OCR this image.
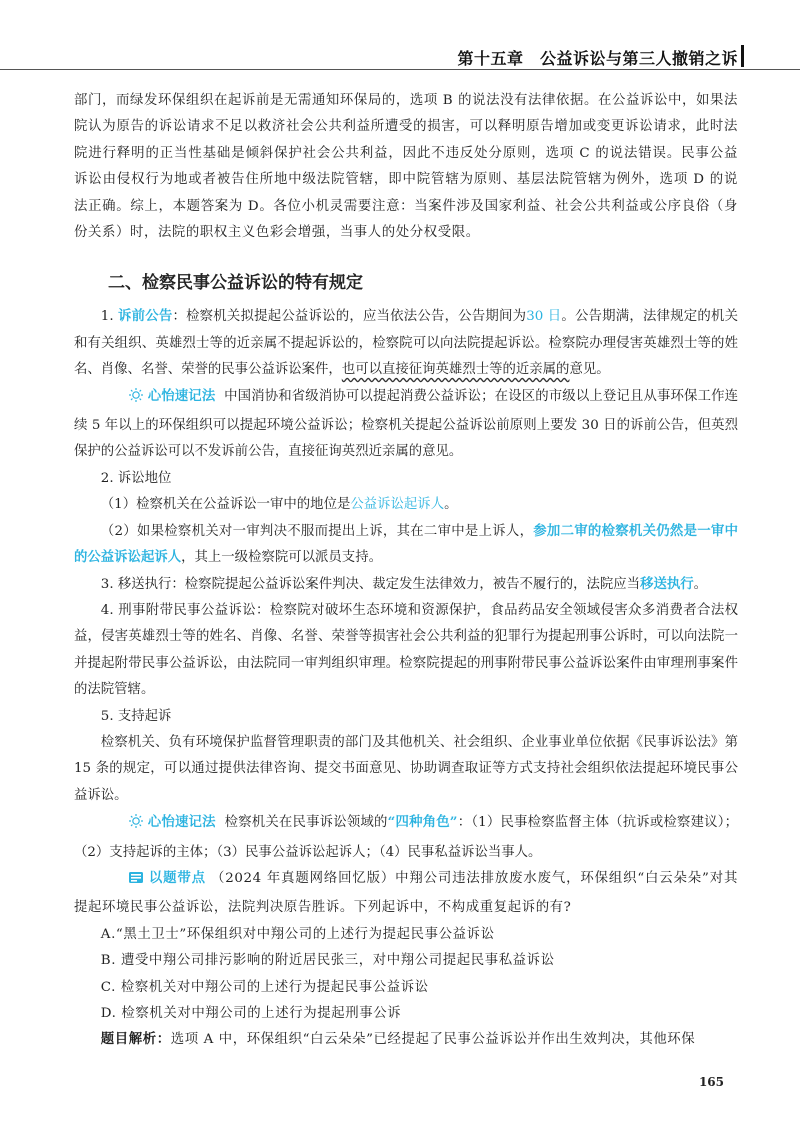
第十五章　公益诉讼与第三人撤销之诉

部门，而绿发环保组织在起诉前是无需通知环保局的，选项 B 的说法没有法律依据。在公益诉讼中，如果法院认为原告的诉讼请求不足以救济社会公共利益所遭受的损害，可以释明原告增加或变更诉讼请求，此时法院进行释明的正当性基础是倾斜保护社会公共利益，因此不违反处分原则，选项 C 的说法错误。民事公益诉讼由侵权行为地或者被告住所地中级法院管辖，即中院管辖为原则、基层法院管辖为例外，选项 D 的说法正确。综上，本题答案为 D。各位小机灵需要注意：当案件涉及国家利益、社会公共利益或公序良俗（身份关系）时，法院的职权主义色彩会增强，当事人的处分权受限。

二、检察民事公益诉讼的特有规定

1. 诉前公告：检察机关拟提起公益诉讼的，应当依法公告，公告期间为30 日。公告期满，法律规定的机关和有关组织、英雄烈士等的近亲属不提起诉讼的，检察院可以向法院提起诉讼。检察院办理侵害英雄烈士等的姓名、肖像、名誉、荣誉的民事公益诉讼案件，也可以直接征询英雄烈士等的近亲属的意见。

心怡速记法 中国消协和省级消协可以提起消费公益诉讼；在设区的市级以上登记且从事环保工作连续 5 年以上的环保组织可以提起环境公益诉讼；检察机关提起公益诉讼前原则上要发 30 日的诉前公告，但英烈保护的公益诉讼可以不发诉前公告，直接征询英烈近亲属的意见。

2. 诉讼地位

（1）检察机关在公益诉讼一审中的地位是公益诉讼起诉人。

（2）如果检察机关对一审判决不服而提出上诉，其在二审中是上诉人，参加二审的检察机关仍然是一审中的公益诉讼起诉人，其上一级检察院可以派员支持。

3. 移送执行：检察院提起公益诉讼案件判决、裁定发生法律效力，被告不履行的，法院应当移送执行。

4. 刑事附带民事公益诉讼：检察院对破坏生态环境和资源保护，食品药品安全领域侵害众多消费者合法权益，侵害英雄烈士等的姓名、肖像、名誉、荣誉等损害社会公共利益的犯罪行为提起刑事公诉时，可以向法院一并提起附带民事公益诉讼，由法院同一审判组织审理。检察院提起的刑事附带民事公益诉讼案件由审理刑事案件的法院管辖。

5. 支持起诉

检察机关、负有环境保护监督管理职责的部门及其他机关、社会组织、企业事业单位依据《民事诉讼法》第 15 条的规定，可以通过提供法律咨询、提交书面意见、协助调查取证等方式支持社会组织依法提起环境民事公益诉讼。

心怡速记法 检察机关在民事诉讼领域的“四种角色”：（1）民事检察监督主体（抗诉或检察建议）；（2）支持起诉的主体；（3）民事公益诉讼起诉人；（4）民事私益诉讼当事人。

以题带点 （2024 年真题网络回忆版）中翔公司违法排放废水废气，环保组织“白云朵朵”对其提起环境民事公益诉讼，法院判决原告胜诉。下列起诉中，不构成重复起诉的有?

A.“黑土卫士”环保组织对中翔公司的上述行为提起民事公益诉讼

B. 遭受中翔公司排污影响的附近居民张三，对中翔公司提起民事私益诉讼

C. 检察机关对中翔公司的上述行为提起民事公益诉讼

D. 检察机关对中翔公司的上述行为提起刑事公诉

题目解析：选项 A 中，环保组织“白云朵朵”已经提起了民事公益诉讼并作出生效判决，其他环保

165
